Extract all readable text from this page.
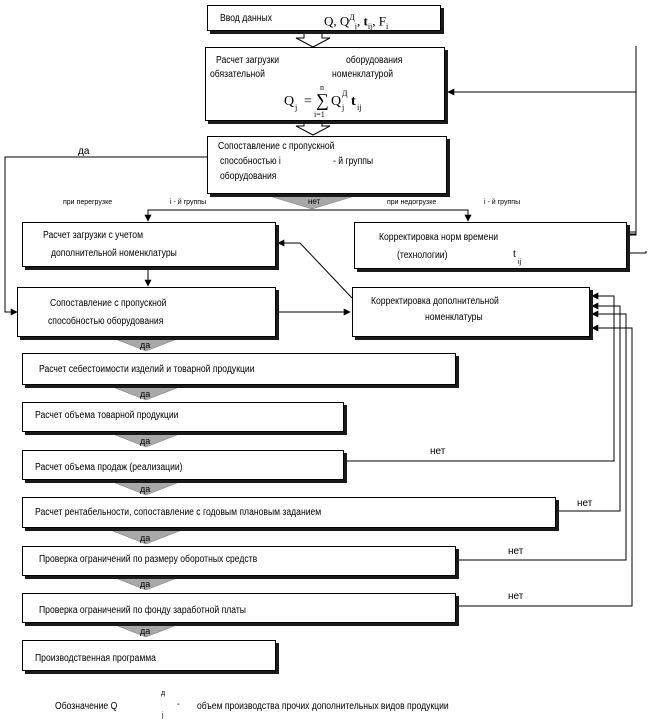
Ввод данных	Q, $Q^Д_j$, $t_{ij}$, $F_i$
Расчет загрузки	оборудования
обязательной	номенклатурой
Q j = ∑
n
i=1
Q
Д
j t ij
Сопоставление с пропускной
способностью i	- й группы
оборудования
да
нет
при перегрузке	i - й группы	при недогрузке	i - й группы
Расчет загрузки с учетом
дополнительной номенклатуры
Корректировка норм времени
(технологии)	t
ij
Сопоставление с пропускной
способностью оборудования
Корректировка дополнительной
номенклатуры
да
Расчет себестоимости изделий и товарной продукции
да
Расчет объема товарной продукции
да
Расчет объема продаж (реализации)
нет
да
Расчет рентабельности, сопоставление с годовым плановым заданием
нет
да
Проверка ограничений по размеру оборотных средств
нет
да
Проверка ограничений по фонду заработной платы
нет
да
Производственная программа
Обозначение Q
д
j
- объем производства прочих дополнительных видов продукции
